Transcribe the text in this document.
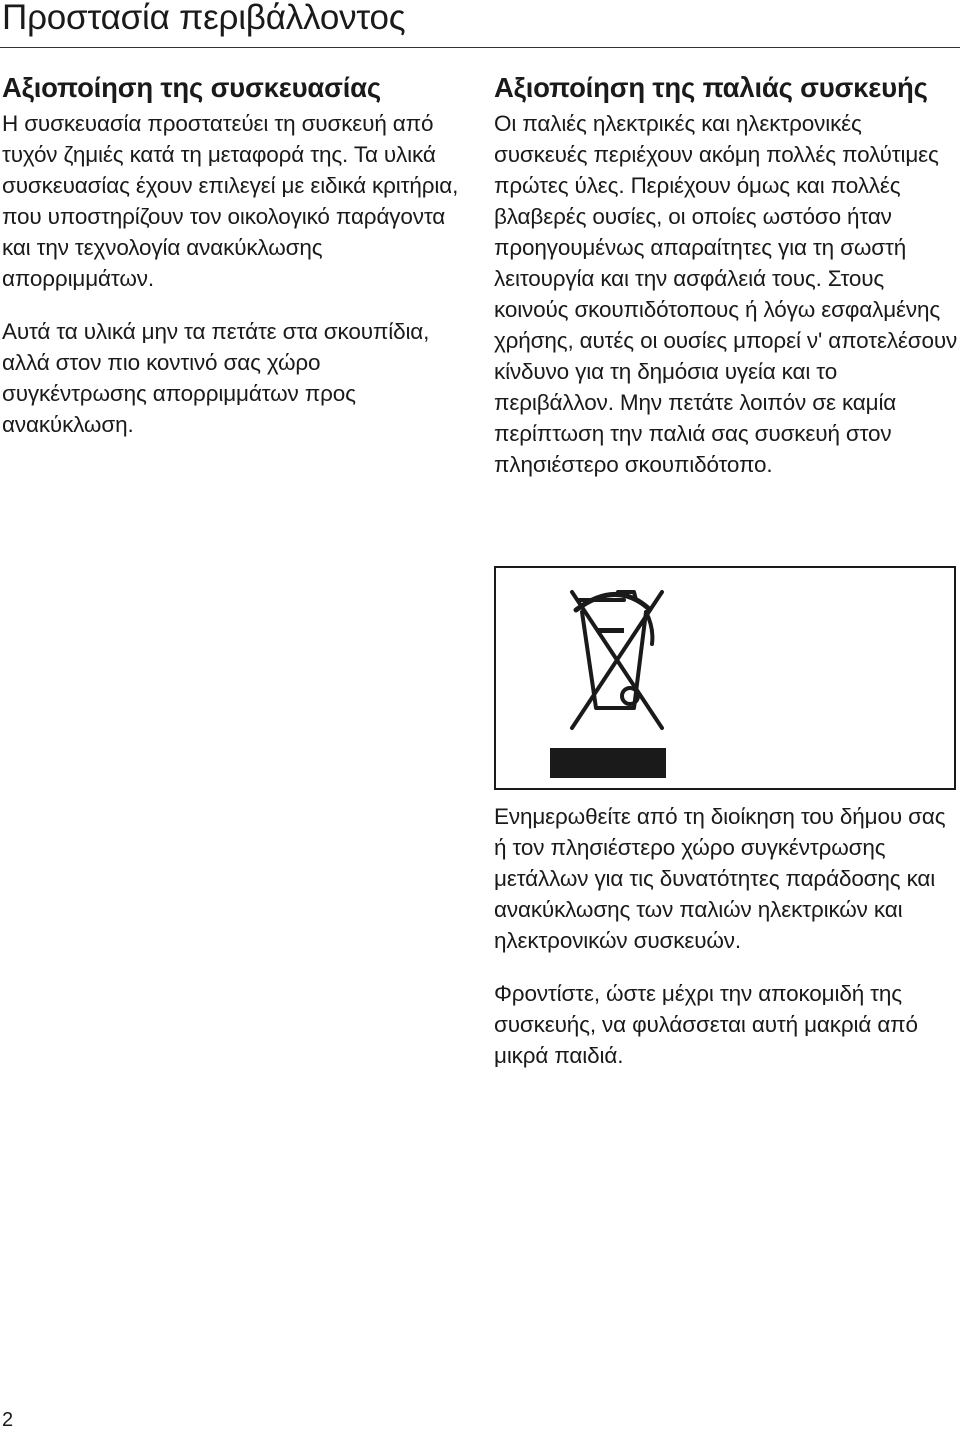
Προστασία περιβάλλοντος
Αξιοποίηση της συσκευασίας

Η συσκευασία προστατεύει τη συσκευή από τυχόν ζημιές κατά τη μεταφορά της. Τα υλικά συσκευασίας έχουν επιλεγεί με ειδικά κριτήρια, που υποστηρίζουν τον οικολογικό παράγοντα και την τεχνολογία ανακύκλωσης απορριμμάτων.

Αυτά τα υλικά μην τα πετάτε στα σκουπίδια, αλλά στον πιο κοντινό σας χώρο συγκέντρωσης απορριμμάτων προς ανακύκλωση.

Αξιοποίηση της παλιάς συσκευής

Οι παλιές ηλεκτρικές και ηλεκτρονικές συσκευές περιέχουν ακόμη πολλές πολύτιμες πρώτες ύλες. Περιέχουν όμως και πολλές βλαβερές ουσίες, οι οποίες ωστόσο ήταν προηγουμένως απαραίτητες για τη σωστή λειτουργία και την ασφάλειά τους. Στους κοινούς σκουπιδότοπους ή λόγω εσφαλμένης χρήσης, αυτές οι ουσίες μπορεί ν' αποτελέσουν κίνδυνο για τη δημόσια υγεία και το περιβάλλον. Μην πετάτε λοιπόν σε καμία περίπτωση την παλιά σας συσκευή στον πλησιέστερο σκουπιδότοπο.

Ενημερωθείτε από τη διοίκηση του δήμου σας ή τον πλησιέστερο χώρο συγκέντρωσης μετάλλων για τις δυνατότητες παράδοσης και ανακύκλωσης των παλιών ηλεκτρικών και ηλεκτρονικών συσκευών.

Φροντίστε, ώστε μέχρι την αποκομιδή της συσκευής, να φυλάσσεται αυτή μακριά από μικρά παιδιά.

2
